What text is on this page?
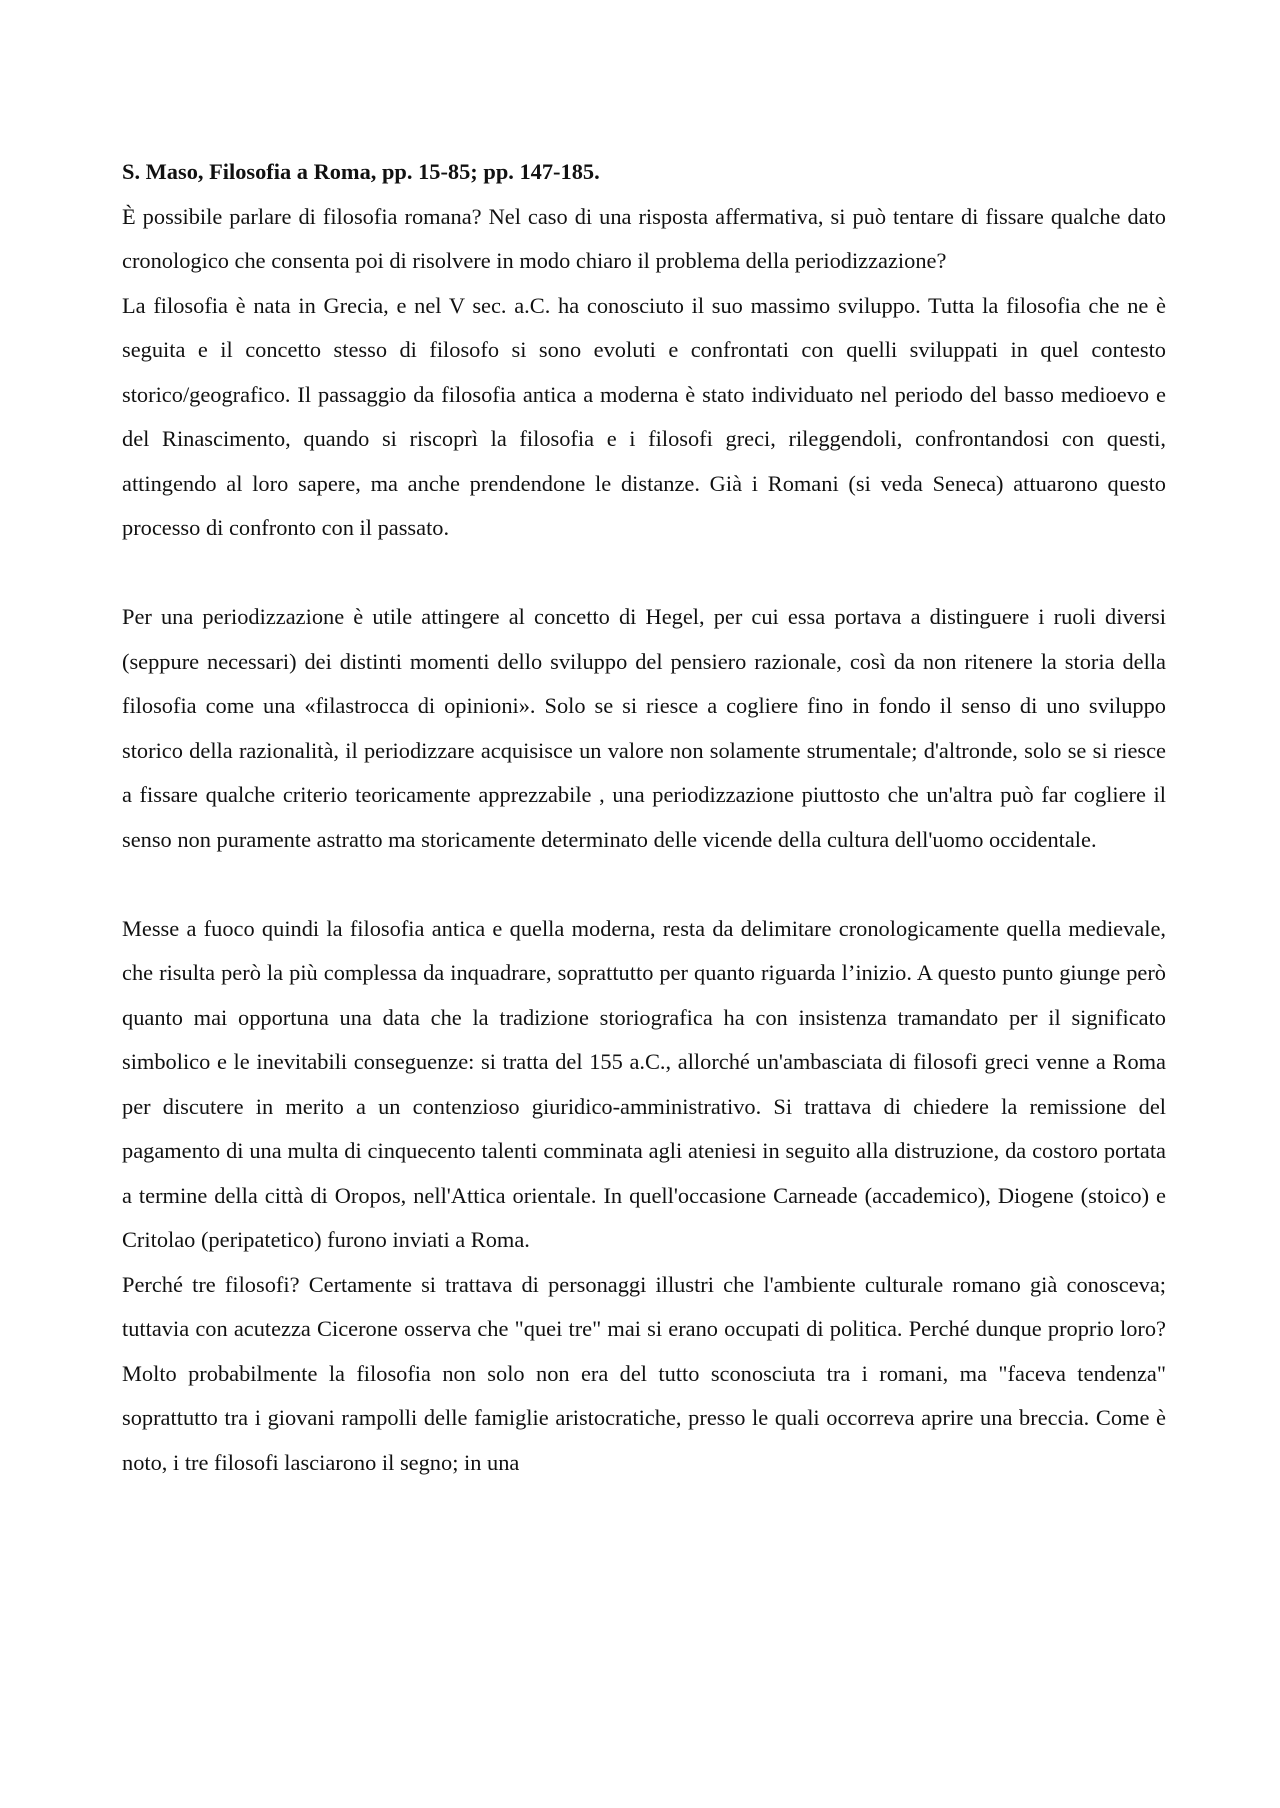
S. Maso, Filosofia a Roma, pp. 15-85; pp. 147-185.

È possibile parlare di filosofia romana? Nel caso di una risposta affermativa, si può tentare di fissare qualche dato cronologico che consenta poi di risolvere in modo chiaro il problema della periodizzazione?

La filosofia è nata in Grecia, e nel V sec. a.C. ha conosciuto il suo massimo sviluppo. Tutta la filosofia che ne è seguita e il concetto stesso di filosofo si sono evoluti e confrontati con quelli sviluppati in quel contesto storico/geografico. Il passaggio da filosofia antica a moderna è stato individuato nel periodo del basso medioevo e del Rinascimento, quando si riscoprì la filosofia e i filosofi greci, rileggendoli, confrontandosi con questi, attingendo al loro sapere, ma anche prendendone le distanze. Già i Romani (si veda Seneca) attuarono questo processo di confronto con il passato.

Per una periodizzazione è utile attingere al concetto di Hegel, per cui essa portava a distinguere i ruoli diversi (seppure necessari) dei distinti momenti dello sviluppo del pensiero razionale, così da non ritenere la storia della filosofia come una «filastrocca di opinioni». Solo se si riesce a cogliere fino in fondo il senso di uno sviluppo storico della razionalità, il periodizzare acquisisce un valore non solamente strumentale; d'altronde, solo se si riesce a fissare qualche criterio teoricamente apprezzabile , una periodizzazione piuttosto che un'altra può far cogliere il senso non puramente astratto ma storicamente determinato delle vicende della cultura dell'uomo occidentale.

Messe a fuoco quindi la filosofia antica e quella moderna, resta da delimitare cronologicamente quella medievale, che risulta però la più complessa da inquadrare, soprattutto per quanto riguarda l’inizio. A questo punto giunge però quanto mai opportuna una data che la tradizione storiografica ha con insistenza tramandato per il significato simbolico e le inevitabili conseguenze: si tratta del 155 a.C., allorché un'ambasciata di filosofi greci venne a Roma per discutere in merito a un contenzioso giuridico-amministrativo. Si trattava di chiedere la remissione del pagamento di una multa di cinquecento talenti comminata agli ateniesi in seguito alla distruzione, da costoro portata a termine della città di Oropos, nell'Attica orientale. In quell'occasione Carneade (accademico), Diogene (stoico) e Critolao (peripatetico) furono inviati a Roma.

Perché tre filosofi? Certamente si trattava di personaggi illustri che l'ambiente culturale romano già conosceva; tuttavia con acutezza Cicerone osserva che "quei tre" mai si erano occupati di politica. Perché dunque proprio loro? Molto probabilmente la filosofia non solo non era del tutto sconosciuta tra i romani, ma "faceva tendenza" soprattutto tra i giovani rampolli delle famiglie aristocratiche, presso le quali occorreva aprire una breccia. Come è noto, i tre filosofi lasciarono il segno; in una
